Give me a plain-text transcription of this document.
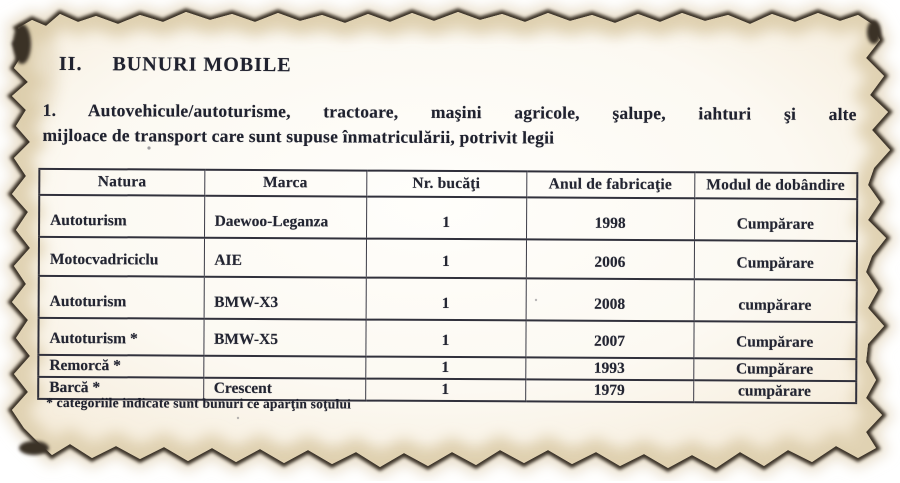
II. BUNURI MOBILE
1. Autovehicule/autoturisme, tractoare, maşini agricole, şalupe, iahturi şi alte
mijloace de transport care sunt supuse înmatriculării, potrivit legii
Natura	Marca	Nr. bucăţi	Anul de fabricaţie	Modul de dobândire
Autoturism	Daewoo-Leganza	1	1998	Cumpărare
Motocvadriciclu	AIE	1	2006	Cumpărare
Autoturism	BMW-X3	1	2008	cumpărare
Autoturism *	BMW-X5	1	2007	Cumpărare
Remorcă *		1	1993	Cumpărare
Barcă *	Crescent	1	1979	cumpărare
* categoriile indicate sunt bunuri ce aparţin soţului
